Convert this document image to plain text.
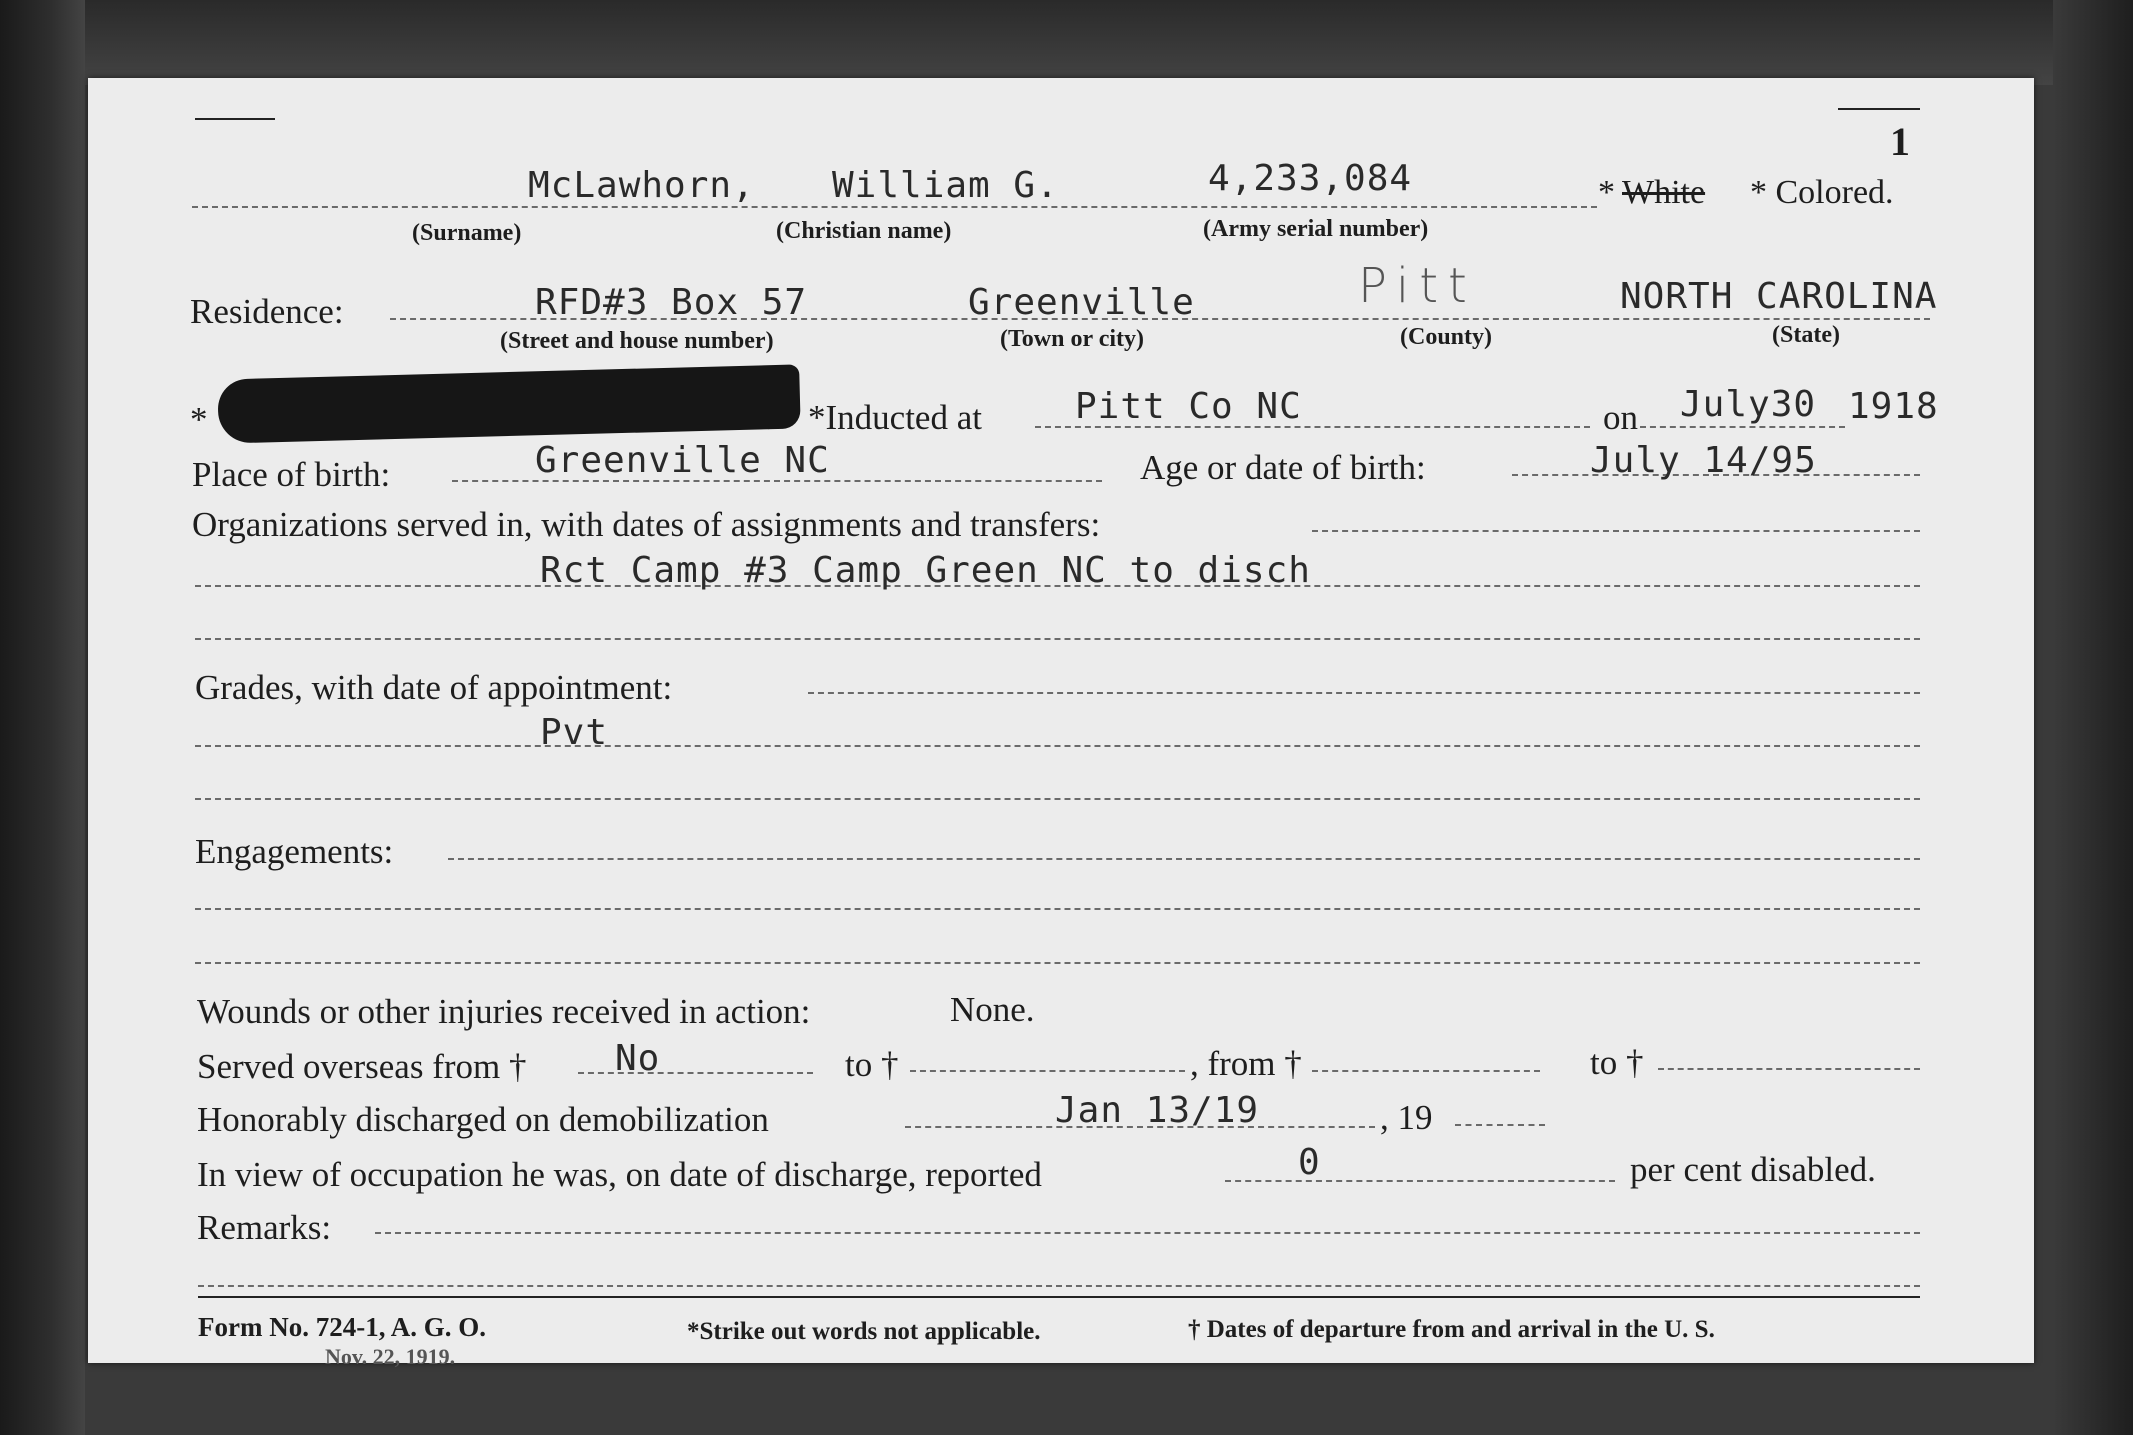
1
McLawhorn, William G.	4,233,084	* White * Colored.
(Surname)	(Christian name)	(Army serial number)
Residence:	RFD#3 Box 57	Greenville	Pitt	NORTH CAROLINA
(Street and house number)	(Town or city)	(County)	(State)
*	*Inducted at	Pitt Co NC	on July30 1918
Place of birth:	Greenville NC	Age or date of birth:	July 14/95
Organizations served in, with dates of assignments and transfers:
Rct Camp #3 Camp Green NC to disch
Grades, with date of appointment:
Pvt
Engagements:
Wounds or other injuries received in action:	None.
Served overseas from † No	to †	, from †	to †
Honorably discharged on demobilization	Jan 13/19	, 19
In view of occupation he was, on date of discharge, reported	0	per cent disabled.
Remarks:
Form No. 724-1, A. G. O.
Nov. 22, 1919.
*Strike out words not applicable.	† Dates of departure from and arrival in the U. S.
